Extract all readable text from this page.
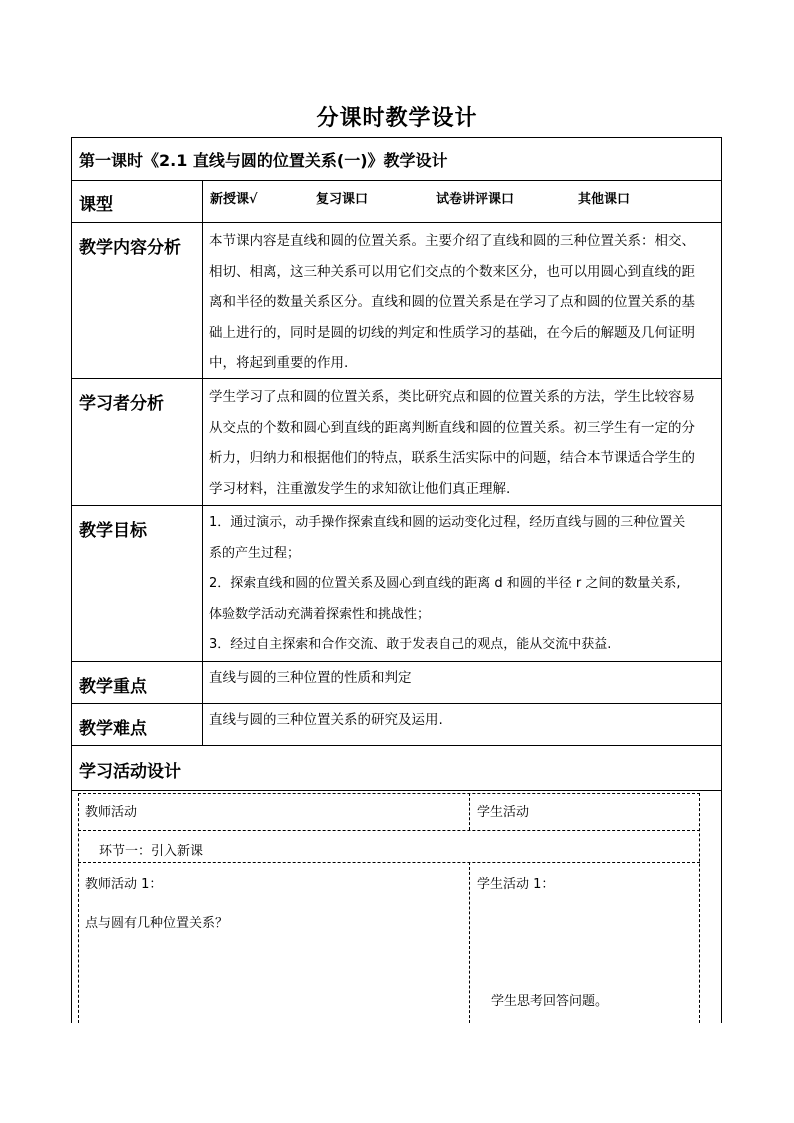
分课时教学设计
第一课时《2.1 直线与圆的位置关系(一)》教学设计
课型	新授课√	复习课口	试卷讲评课口	其他课口
教学内容分析 本节课内容是直线和圆的位置关系。主要介绍了直线和圆的三种位置关系：相交、
相切、相离，这三种关系可以用它们交点的个数来区分，也可以用圆心到直线的距
离和半径的数量关系区分。直线和圆的位置关系是在学习了点和圆的位置关系的基
础上进行的，同时是圆的切线的判定和性质学习的基础，在今后的解题及几何证明
中，将起到重要的作用.
学习者分析	学生学习了点和圆的位置关系，类比研究点和圆的位置关系的方法，学生比较容易
从交点的个数和圆心到直线的距离判断直线和圆的位置关系。初三学生有一定的分
析力，归纳力和根据他们的特点，联系生活实际中的问题，结合本节课适合学生的
学习材料，注重激发学生的求知欲让他们真正理解.
教学目标	1．通过演示，动手操作探索直线和圆的运动变化过程，经历直线与圆的三种位置关
系的产生过程；
2．探索直线和圆的位置关系及圆心到直线的距离 d 和圆的半径 r 之间的数量关系,
体验数学活动充满着探索性和挑战性；
3．经过自主探索和合作交流、敢于发表自己的观点，能从交流中获益.
教学重点	直线与圆的三种位置的性质和判定
教学难点	直线与圆的三种位置关系的研究及运用.
学习活动设计
教师活动	学生活动
环节一：引入新课
教师活动 1：
点与圆有几种位置关系？
学生活动 1：
学生思考回答问题。
